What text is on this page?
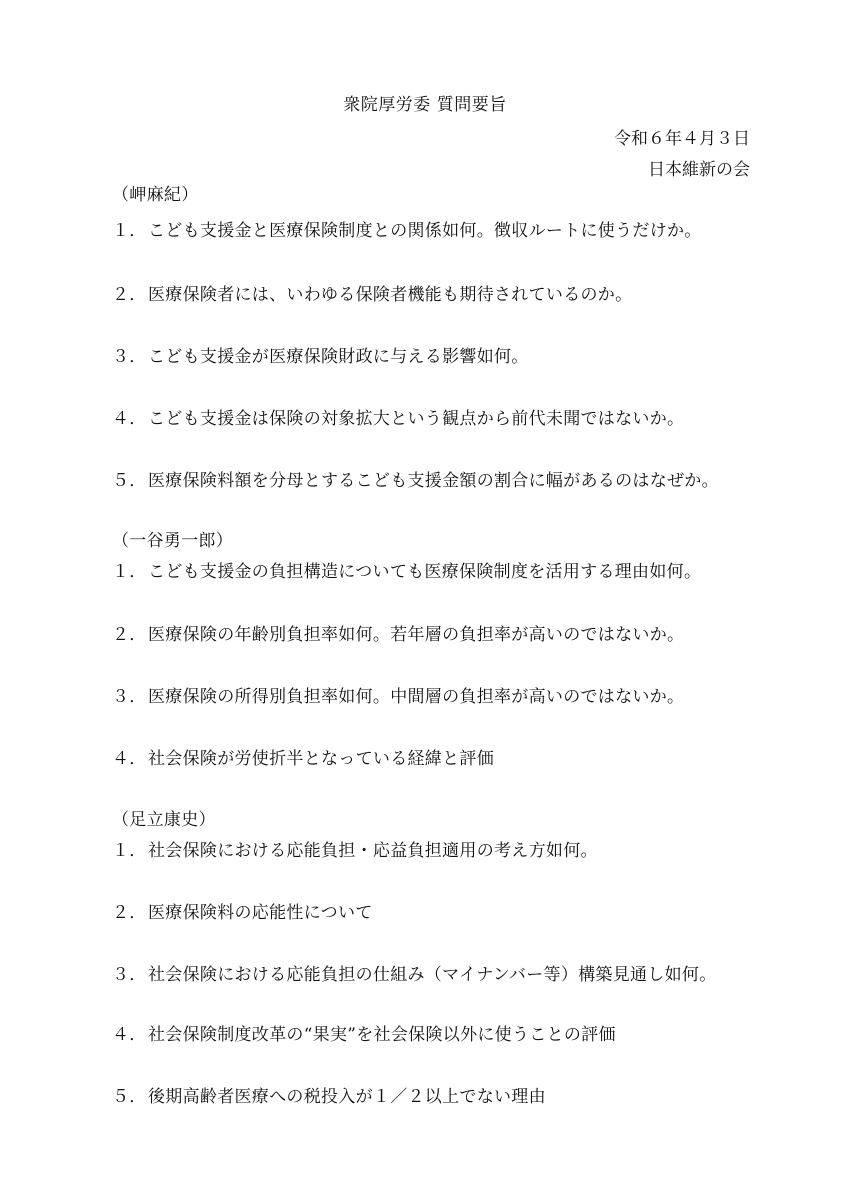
衆院厚労委 質問要旨
令和６年４月３日
日本維新の会
（岬麻紀）
１．こども支援金と医療保険制度との関係如何。徴収ルートに使うだけか。
２．医療保険者には、いわゆる保険者機能も期待されているのか。
３．こども支援金が医療保険財政に与える影響如何。
４．こども支援金は保険の対象拡大という観点から前代未聞ではないか。
５．医療保険料額を分母とするこども支援金額の割合に幅があるのはなぜか。
（一谷勇一郎）
１．こども支援金の負担構造についても医療保険制度を活用する理由如何。
２．医療保険の年齢別負担率如何。若年層の負担率が高いのではないか。
３．医療保険の所得別負担率如何。中間層の負担率が高いのではないか。
４．社会保険が労使折半となっている経緯と評価
（足立康史）
１．社会保険における応能負担・応益負担適用の考え方如何。
２．医療保険料の応能性について
３．社会保険における応能負担の仕組み（マイナンバー等）構築見通し如何。
４．社会保険制度改革の“果実”を社会保険以外に使うことの評価
５．後期高齢者医療への税投入が１／２以上でない理由
